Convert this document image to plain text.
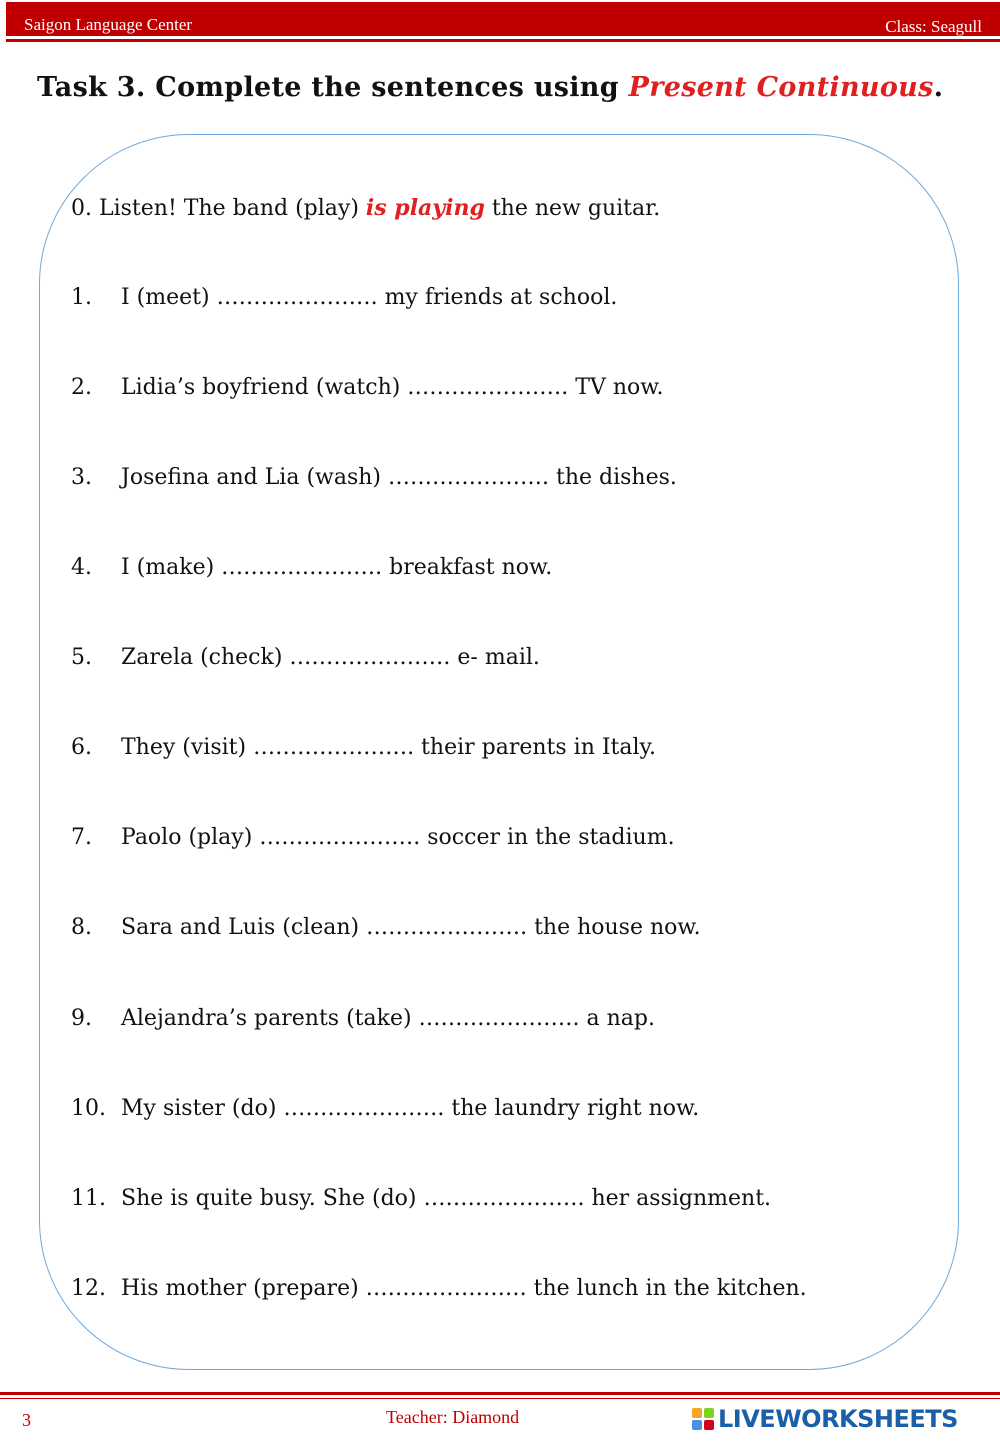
Saigon Language Center	Class: Seagull
Task 3. Complete the sentences using Present Continuous.
0. Listen! The band (play) is playing the new guitar.
1. I (meet) …………………. my friends at school.
2. Lidia’s boyfriend (watch) …………………. TV now.
3. Josefina and Lia (wash) …………………. the dishes.
4. I (make) …………………. breakfast now.
5. Zarela (check) …………………. e- mail.
6. They (visit) …………………. their parents in Italy.
7. Paolo (play) …………………. soccer in the stadium.
8. Sara and Luis (clean) …………………. the house now.
9. Alejandra’s parents (take) …………………. a nap.
10. My sister (do) …………………. the laundry right now.
11. She is quite busy. She (do) …………………. her assignment.
12. His mother (prepare) …………………. the lunch in the kitchen.
3	Teacher: Diamond	LIVEWORKSHEETS
